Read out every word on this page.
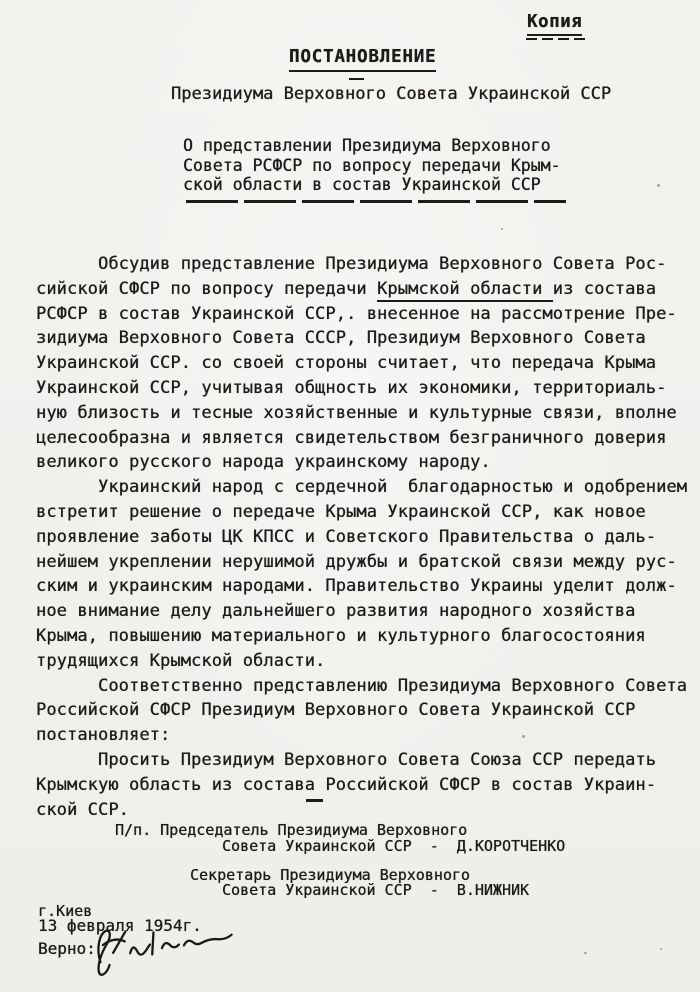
Копия
ПОСТАНОВЛЕНИЕ
Президиума Верховного Совета Украинской ССР
О представлении Президиума Верховного
Совета РСФСР по вопросу передачи Крым-
ской области в состав Украинской ССР
Обсудив представление Президиума Верховного Совета Рос-
сийской СФСР по вопросу передачи Крымской области из состава
РСФСР в состав Украинской ССР,. внесенное на рассмотрение Пре-
зидиума Верховного Совета СССР, Президиум Верховного Совета
Украинской ССР. со своей стороны считает, что передача Крыма
Украинской ССР, учитывая общность их экономики, территориаль-
ную близость и тесные хозяйственные и культурные связи, вполне
целесообразна и является свидетельством безграничного доверия
великого русского народа украинскому народу.
Украинский народ с сердечной  благодарностью и одобрением
встретит решение о передаче Крыма Украинской ССР, как новое
проявление заботы ЦК КПСС и Советского Правительства о даль-
нейшем укреплении нерушимой дружбы и братской связи между рус-
ским и украинским народами. Правительство Украины уделит долж-
ное внимание делу дальнейшего развития народного хозяйства
Крыма, повышению материального и культурного благосостояния
трудящихся Крымской области.
Соответственно представлению Президиума Верховного Совета
Российской СФСР Президиум Верховного Совета Украинской ССР
постановляет:
Просить Президиум Верховного Совета Союза ССР передать
Крымскую область из состава Российской СФСР в состав Украин-
ской ССР.
П/п. Председатель Президиума Верховного
Совета Украинской ССР  -  Д.КОРОТЧЕНКО
Секретарь Президиума Верховного
Совета Украинской ССР  -  В.НИЖНИК
г.Киев
13 февраля 1954г.
Верно:
